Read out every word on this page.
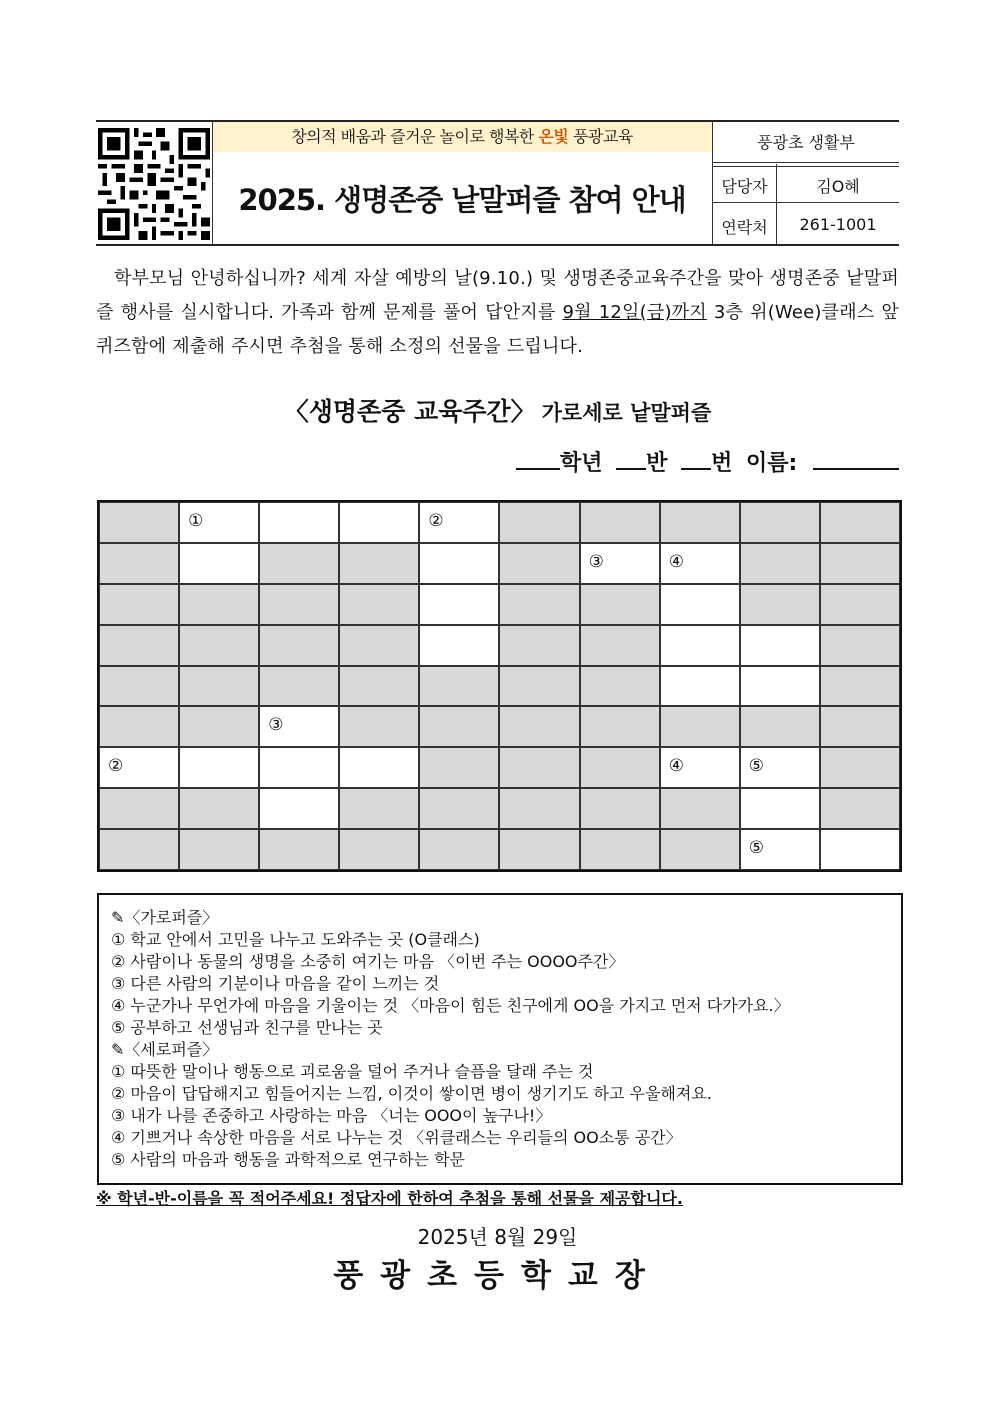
창의적 배움과 즐거운 놀이로 행복한 온빛 풍광교육
2025. 생명존중 낱말퍼즐 참여 안내
풍광초 생활부
담당자	김O혜
연락처	261-1001
학부모님 안녕하십니까? 세계 자살 예방의 날(9.10.) 및 생명존중교육주간을 맞아 생명존중 낱말퍼즐 행사를 실시합니다. 가족과 함께 문제를 풀어 답안지를 9월 12일(금)까지 3층 위(Wee)클래스 앞 퀴즈함에 제출해 주시면 추첨을 통해 소정의 선물을 드립니다.
〈생명존중 교육주간〉 가로세로 낱말퍼즐
학년 반 번 이름:
①	②
③	④
③
②	④	⑤
⑤
✎〈가로퍼즐〉
① 학교 안에서 고민을 나누고 도와주는 곳 (O클래스)
② 사람이나 동물의 생명을 소중히 여기는 마음 〈이번 주는 OOOO주간〉
③ 다른 사람의 기분이나 마음을 같이 느끼는 것
④ 누군가나 무언가에 마음을 기울이는 것 〈마음이 힘든 친구에게 OO을 가지고 먼저 다가가요.〉
⑤ 공부하고 선생님과 친구를 만나는 곳
✎〈세로퍼즐〉
① 따뜻한 말이나 행동으로 괴로움을 덜어 주거나 슬픔을 달래 주는 것
② 마음이 답답해지고 힘들어지는 느낌, 이것이 쌓이면 병이 생기기도 하고 우울해져요.
③ 내가 나를 존중하고 사랑하는 마음 〈너는 OOO이 높구나!〉
④ 기쁘거나 속상한 마음을 서로 나누는 것 〈위클래스는 우리들의 OO소통 공간〉
⑤ 사람의 마음과 행동을 과학적으로 연구하는 학문
※ 학년-반-이름을 꼭 적어주세요! 정답자에 한하여 추첨을 통해 선물을 제공합니다.
2025년 8월 29일
풍광초등학교장
